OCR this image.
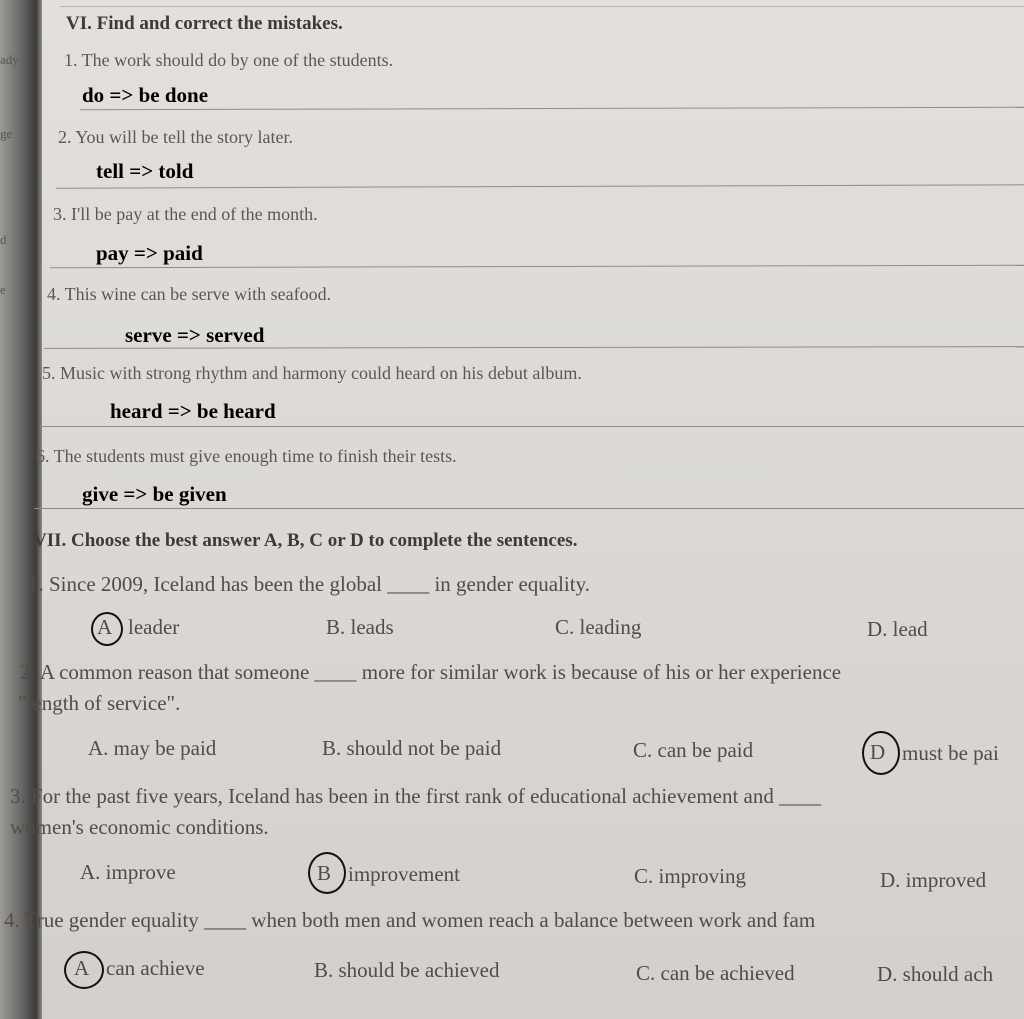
ady
ge
d
e
VI. Find and correct the mistakes.
1. The work should do by one of the students.
do => be done
2. You will be tell the story later.
tell => told
3. I'll be pay at the end of the month.
pay => paid
4. This wine can be serve with seafood.
serve => served
5. Music with strong rhythm and harmony could heard on his debut album.
heard => be heard
6. The students must give enough time to finish their tests.
give => be given
VII. Choose the best answer A, B, C or D to complete the sentences.
1. Since 2009, Iceland has been the global ____ in gender equality.
A leader	B. leads	C. leading	D. lead
2. A common reason that someone ____ more for similar work is because of his or her experience
"length of service".
A. may be paid	B. should not be paid	C. can be paid	D must be pai
3. For the past five years, Iceland has been in the first rank of educational achievement and ____
women's economic conditions.
A. improve	B improvement	C. improving	D. improved
4. True gender equality ____ when both men and women reach a balance between work and fam
A can achieve	B. should be achieved	C. can be achieved	D. should ach
